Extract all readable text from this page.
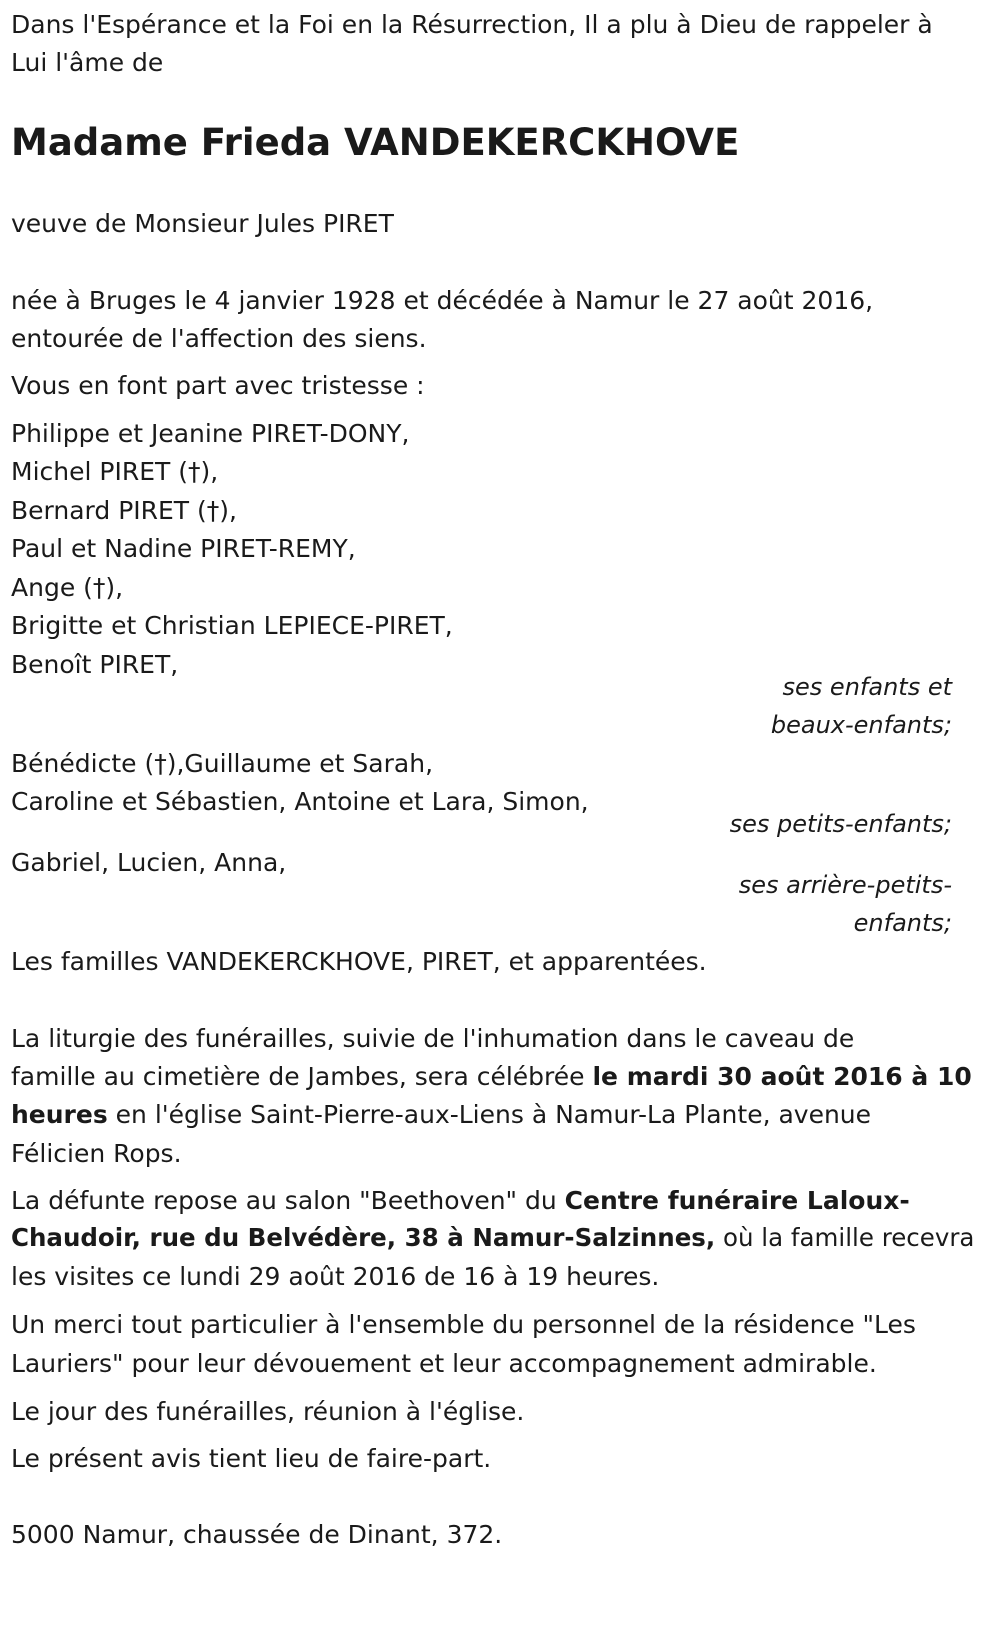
Dans l'Espérance et la Foi en la Résurrection, Il a plu à Dieu de rappeler à
Lui l'âme de
Madame Frieda VANDEKERCKHOVE
veuve de Monsieur Jules PIRET
née à Bruges le 4 janvier 1928 et décédée à Namur le 27 août 2016,
entourée de l'affection des siens.
Vous en font part avec tristesse :
Philippe et Jeanine PIRET-DONY,
Michel PIRET (†),
Bernard PIRET (†),
Paul et Nadine PIRET-REMY,
Ange (†),
Brigitte et Christian LEPIECE-PIRET,
Benoît PIRET,
ses enfants et
beaux-enfants;
Bénédicte (†),Guillaume et Sarah,
Caroline et Sébastien, Antoine et Lara, Simon,
ses petits-enfants;
Gabriel, Lucien, Anna,
ses arrière-petits-
enfants;
Les familles VANDEKERCKHOVE, PIRET, et apparentées.
La liturgie des funérailles, suivie de l'inhumation dans le caveau de
famille au cimetière de Jambes, sera célébrée le mardi 30 août 2016 à 10
heures en l'église Saint-Pierre-aux-Liens à Namur-La Plante, avenue
Félicien Rops.
La défunte repose au salon "Beethoven" du Centre funéraire Laloux-
Chaudoir, rue du Belvédère, 38 à Namur-Salzinnes, où la famille recevra
les visites ce lundi 29 août 2016 de 16 à 19 heures.
Un merci tout particulier à l'ensemble du personnel de la résidence "Les
Lauriers" pour leur dévouement et leur accompagnement admirable.
Le jour des funérailles, réunion à l'église.
Le présent avis tient lieu de faire-part.
5000 Namur, chaussée de Dinant, 372.
